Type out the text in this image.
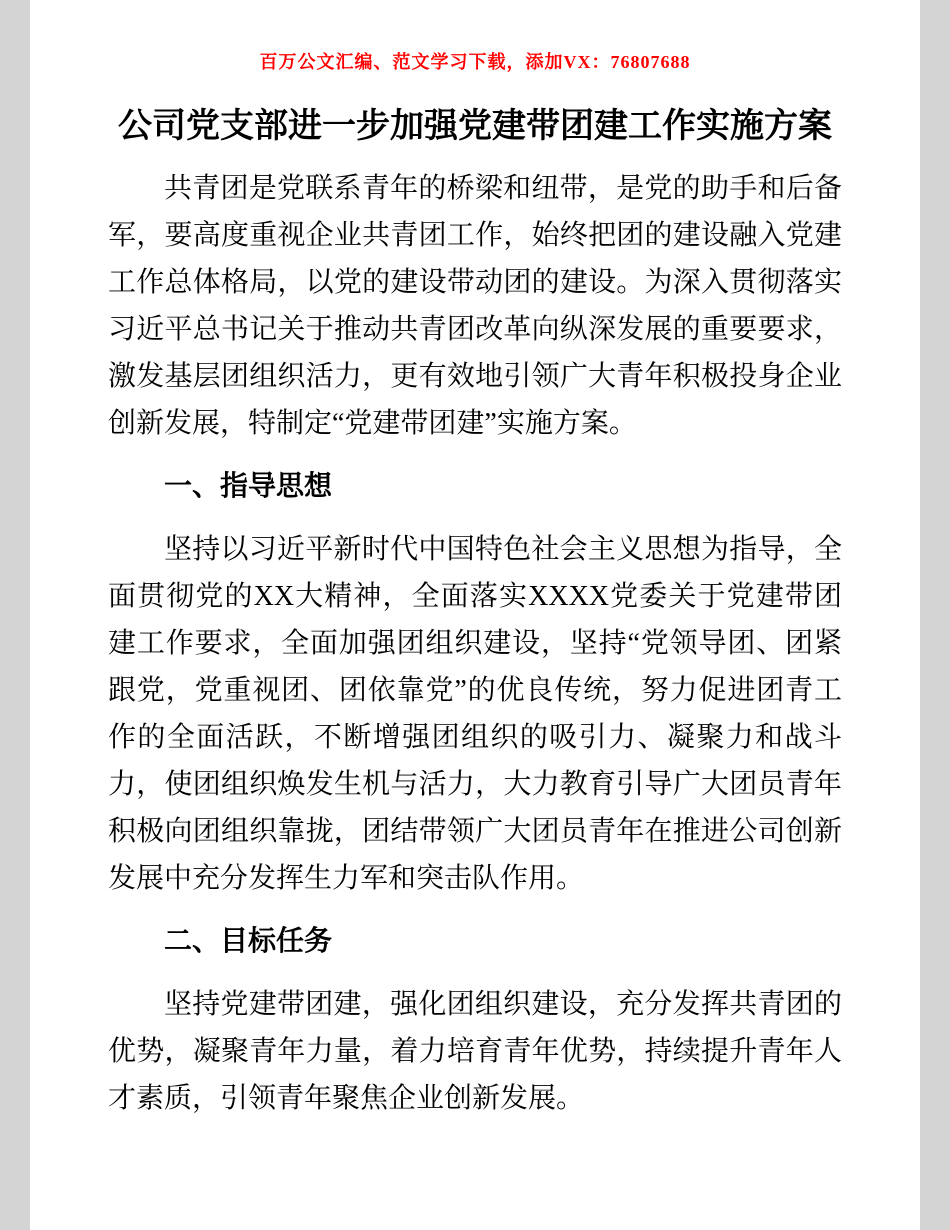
百万公文汇编、范文学习下载，添加VX：76807688
公司党支部进一步加强党建带团建工作实施方案

共青团是党联系青年的桥梁和纽带，是党的助手和后备军，要高度重视企业共青团工作，始终把团的建设融入党建工作总体格局，以党的建设带动团的建设。为深入贯彻落实习近平总书记关于推动共青团改革向纵深发展的重要要求，激发基层团组织活力，更有效地引领广大青年积极投身企业创新发展，特制定“党建带团建”实施方案。

一、指导思想

坚持以习近平新时代中国特色社会主义思想为指导，全面贯彻党的XX大精神，全面落实XXXX党委关于党建带团建工作要求，全面加强团组织建设，坚持“党领导团、团紧跟党，党重视团、团依靠党”的优良传统，努力促进团青工作的全面活跃，不断增强团组织的吸引力、凝聚力和战斗力，使团组织焕发生机与活力，大力教育引导广大团员青年积极向团组织靠拢，团结带领广大团员青年在推进公司创新发展中充分发挥生力军和突击队作用。

二、目标任务

坚持党建带团建，强化团组织建设，充分发挥共青团的优势，凝聚青年力量，着力培育青年优势，持续提升青年人才素质，引领青年聚焦企业创新发展。
